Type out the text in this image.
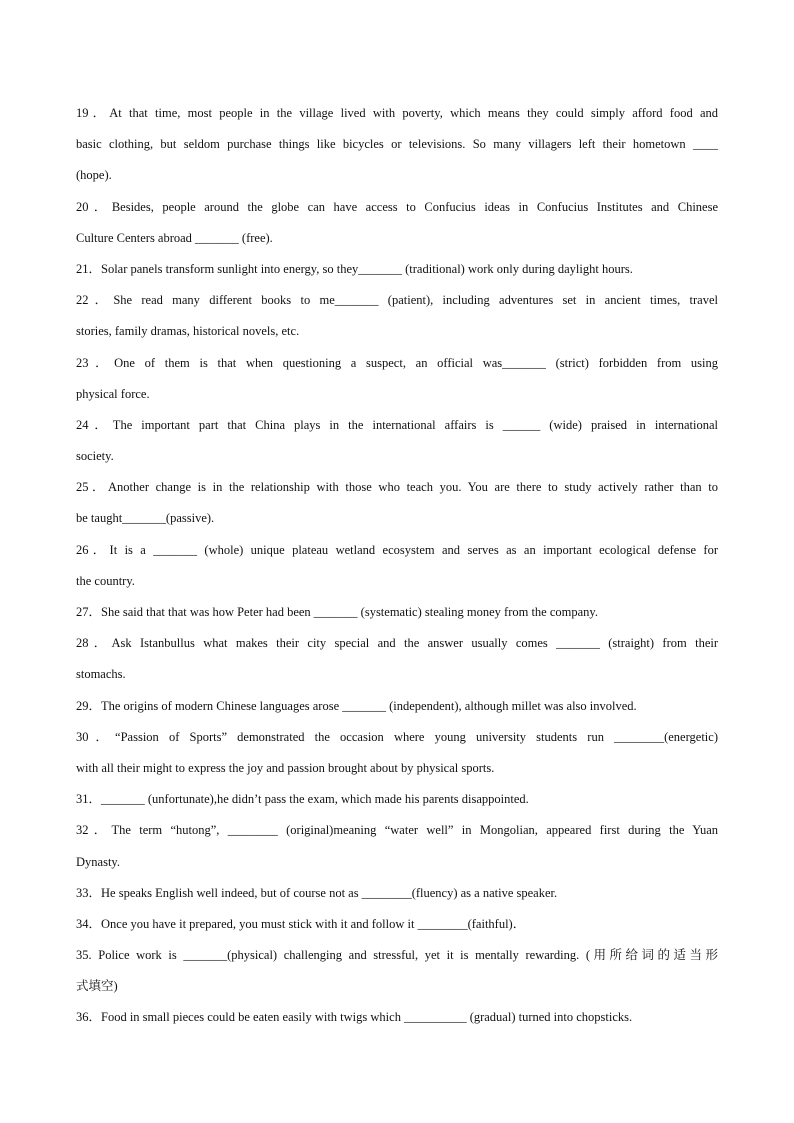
19．At that time, most people in the village lived with poverty, which means they could simply afford food and
basic clothing, but seldom purchase things like bicycles or televisions. So many villagers left their hometown ____
(hope).
20．Besides, people around the globe can have access to Confucius ideas in Confucius Institutes and Chinese
Culture Centers abroad _______ (free).
21．Solar panels transform sunlight into energy, so they_______ (traditional) work only during daylight hours.
22．She read many different books to me_______ (patient), including adventures set in ancient times, travel
stories, family dramas, historical novels, etc.
23．One of them is that when questioning a suspect, an official was_______ (strict) forbidden from using
physical force.
24．The important part that China plays in the international affairs is ______ (wide) praised in international
society.
25．Another change is in the relationship with those who teach you. You are there to study actively rather than to
be taught_______(passive).
26．It is a _______ (whole) unique plateau wetland ecosystem and serves as an important ecological defense for
the country.
27．She said that that was how Peter had been _______ (systematic) stealing money from the company.
28．Ask Istanbullus what makes their city special and the answer usually comes _______ (straight) from their
stomachs.
29．The origins of modern Chinese languages arose _______ (independent), although millet was also involved.
30．“Passion of Sports” demonstrated the occasion where young university students run ________(energetic)
with all their might to express the joy and passion brought about by physical sports.
31．_______ (unfortunate),he didn’t pass the exam, which made his parents disappointed.
32．The term “hutong”, ________ (original)meaning “water well” in Mongolian, appeared first during the Yuan
Dynasty.
33．He speaks English well indeed, but of course not as ________(fluency) as a native speaker.
34．Once you have it prepared, you must stick with it and follow it ________(faithful)．
35. Police work is _______(physical) challenging and stressful, yet it is mentally rewarding. (用所给词的适当形
式填空)
36．Food in small pieces could be eaten easily with twigs which __________ (gradual) turned into chopsticks.
